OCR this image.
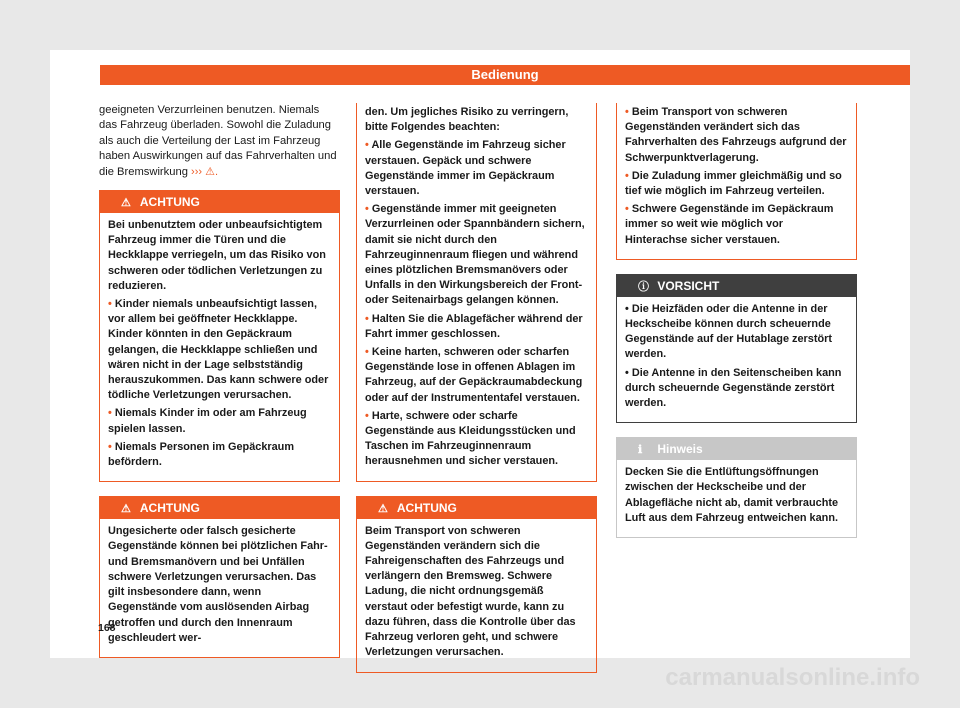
Bedienung

geeigneten Verzurrleinen benutzen. Niemals das Fahrzeug überladen. Sowohl die Zuladung als auch die Verteilung der Last im Fahrzeug haben Auswirkungen auf das Fahrverhalten und die Bremswirkung ››› ⚠.

⚠ ACHTUNG

Bei unbenutztem oder unbeaufsichtigtem Fahrzeug immer die Türen und die Heckklappe verriegeln, um das Risiko von schweren oder tödlichen Verletzungen zu reduzieren.

• Kinder niemals unbeaufsichtigt lassen, vor allem bei geöffneter Heckklappe. Kinder könnten in den Gepäckraum gelangen, die Heckklappe schließen und wären nicht in der Lage selbstständig herauszukommen. Das kann schwere oder tödliche Verletzungen verursachen.
• Niemals Kinder im oder am Fahrzeug spielen lassen.
• Niemals Personen im Gepäckraum befördern.
⚠ ACHTUNG

Ungesicherte oder falsch gesicherte Gegenstände können bei plötzlichen Fahr- und Bremsmanövern und bei Unfällen schwere Verletzungen verursachen. Das gilt insbesondere dann, wenn Gegenstände vom auslösenden Airbag getroffen und durch den Innenraum geschleudert wer-

den. Um jegliches Risiko zu verringern, bitte Folgendes beachten:

• Alle Gegenstände im Fahrzeug sicher verstauen. Gepäck und schwere Gegenstände immer im Gepäckraum verstauen.
• Gegenstände immer mit geeigneten Verzurrleinen oder Spannbändern sichern, damit sie nicht durch den Fahrzeuginnenraum fliegen und während eines plötzlichen Bremsmanövers oder Unfalls in den Wirkungsbereich der Front- oder Seitenairbags gelangen können.
• Halten Sie die Ablagefächer während der Fahrt immer geschlossen.
• Keine harten, schweren oder scharfen Gegenstände lose in offenen Ablagen im Fahrzeug, auf der Gepäckraumabdeckung oder auf der Instrumententafel verstauen.
• Harte, schwere oder scharfe Gegenstände aus Kleidungsstücken und Taschen im Fahrzeuginnenraum herausnehmen und sicher verstauen.
⚠ ACHTUNG

Beim Transport von schweren Gegenständen verändern sich die Fahreigenschaften des Fahrzeugs und verlängern den Bremsweg. Schwere Ladung, die nicht ordnungsgemäß verstaut oder befestigt wurde, kann zu dazu führen, dass die Kontrolle über das Fahrzeug verloren geht, und schwere Verletzungen verursachen.

• Beim Transport von schweren Gegenständen verändert sich das Fahrverhalten des Fahrzeugs aufgrund der Schwerpunktverlagerung.
• Die Zuladung immer gleichmäßig und so tief wie möglich im Fahrzeug verteilen.
• Schwere Gegenstände im Gepäckraum immer so weit wie möglich vor Hinterachse sicher verstauen.
ⓘ VORSICHT
• Die Heizfäden oder die Antenne in der Heckscheibe können durch scheuernde Gegenstände auf der Hutablage zerstört werden.
• Die Antenne in den Seitenscheiben kann durch scheuernde Gegenstände zerstört werden.
ℹ Hinweis

Decken Sie die Entlüftungsöffnungen zwischen der Heckscheibe und der Ablagefläche nicht ab, damit verbrauchte Luft aus dem Fahrzeug entweichen kann.

168
carmanualsonline.info
